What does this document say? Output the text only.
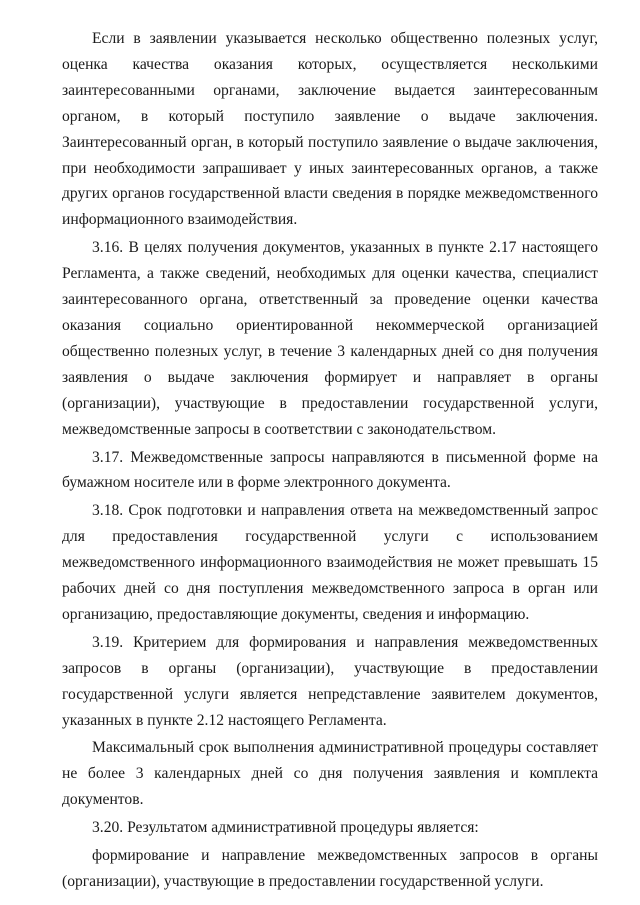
Если в заявлении указывается несколько общественно полезных услуг, оценка качества оказания которых, осуществляется несколькими заинтересованными органами, заключение выдается заинтересованным органом, в который поступило заявление о выдаче заключения. Заинтересованный орган, в который поступило заявление о выдаче заключения, при необходимости запрашивает у иных заинтересованных органов, а также других органов государственной власти сведения в порядке межведомственного информационного взаимодействия.

3.16. В целях получения документов, указанных в пункте 2.17 настоящего Регламента, а также сведений, необходимых для оценки качества, специалист заинтересованного органа, ответственный за проведение оценки качества оказания социально ориентированной некоммерческой организацией общественно полезных услуг, в течение 3 календарных дней со дня получения заявления о выдаче заключения формирует и направляет в органы (организации), участвующие в предоставлении государственной услуги, межведомственные запросы в соответствии с законодательством.

3.17. Межведомственные запросы направляются в письменной форме на бумажном носителе или в форме электронного документа.

3.18. Срок подготовки и направления ответа на межведомственный запрос для предоставления государственной услуги с использованием межведомственного информационного взаимодействия не может превышать 15 рабочих дней со дня поступления межведомственного запроса в орган или организацию, предоставляющие документы, сведения и информацию.

3.19. Критерием для формирования и направления межведомственных запросов в органы (организации), участвующие в предоставлении государственной услуги является непредставление заявителем документов, указанных в пункте 2.12 настоящего Регламента.

Максимальный срок выполнения административной процедуры составляет не более 3 календарных дней со дня получения заявления и комплекта документов.

3.20. Результатом административной процедуры является:

формирование и направление межведомственных запросов в органы (организации), участвующие в предоставлении государственной услуги.
